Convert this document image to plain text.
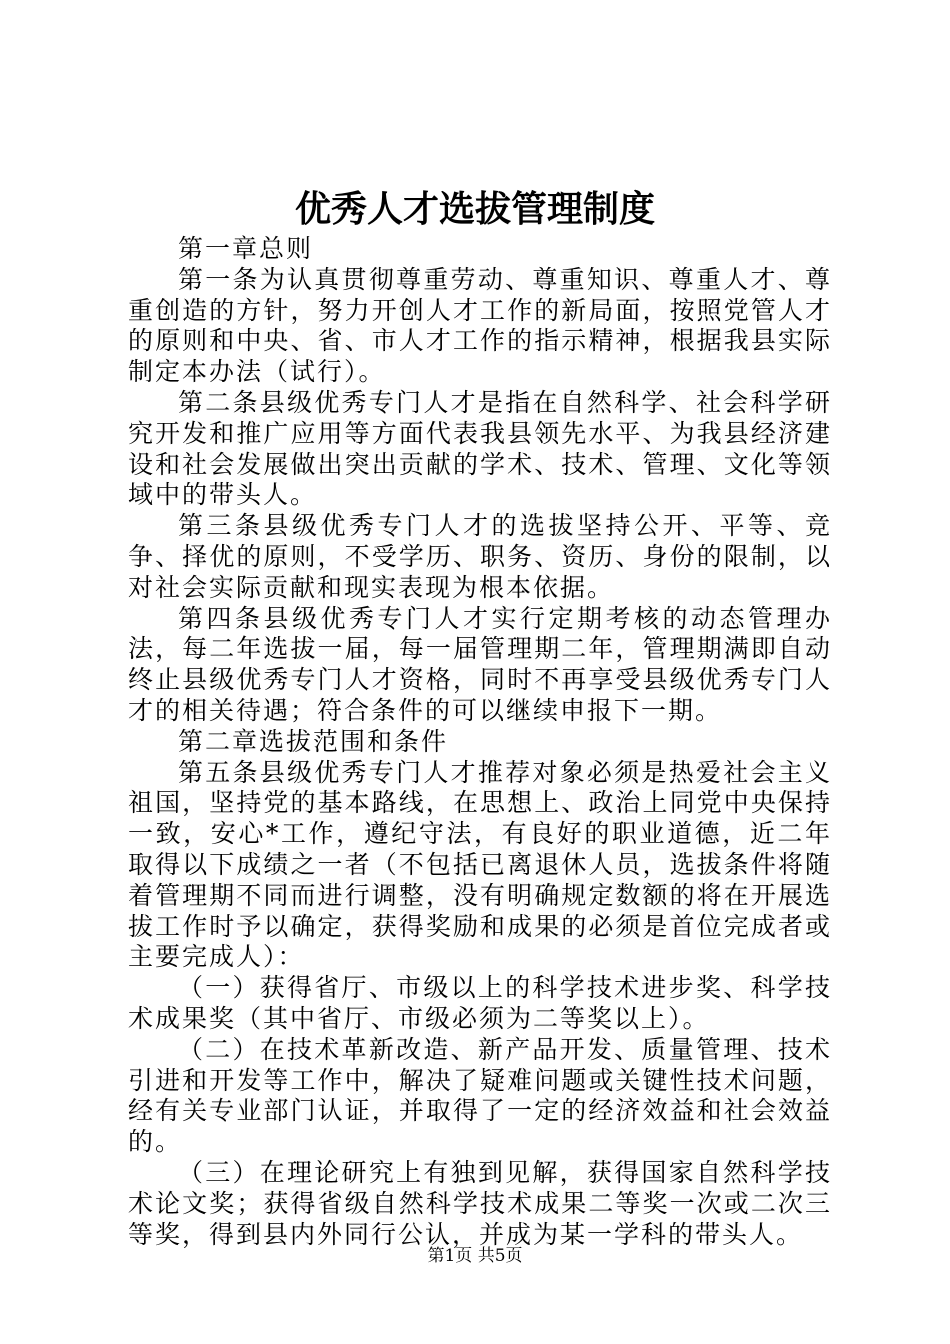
优秀人才选拔管理制度

第一章总则

第一条为认真贯彻尊重劳动、尊重知识、尊重人才、尊重创造的方针，努力开创人才工作的新局面，按照党管人才的原则和中央、省、市人才工作的指示精神，根据我县实际制定本办法（试行）。

第二条县级优秀专门人才是指在自然科学、社会科学研究开发和推广应用等方面代表我县领先水平、为我县经济建设和社会发展做出突出贡献的学术、技术、管理、文化等领域中的带头人。

第三条县级优秀专门人才的选拔坚持公开、平等、竞争、择优的原则，不受学历、职务、资历、身份的限制，以对社会实际贡献和现实表现为根本依据。

第四条县级优秀专门人才实行定期考核的动态管理办法，每二年选拔一届，每一届管理期二年，管理期满即自动终止县级优秀专门人才资格，同时不再享受县级优秀专门人才的相关待遇；符合条件的可以继续申报下一期。

第二章选拔范围和条件

第五条县级优秀专门人才推荐对象必须是热爱社会主义祖国，坚持党的基本路线，在思想上、政治上同党中央保持一致，安心*工作，遵纪守法，有良好的职业道德，近二年取得以下成绩之一者（不包括已离退休人员，选拔条件将随着管理期不同而进行调整，没有明确规定数额的将在开展选拔工作时予以确定，获得奖励和成果的必须是首位完成者或主要完成人）：

（一）获得省厅、市级以上的科学技术进步奖、科学技术成果奖（其中省厅、市级必须为二等奖以上）。

（二）在技术革新改造、新产品开发、质量管理、技术引进和开发等工作中，解决了疑难问题或关键性技术问题，经有关专业部门认证，并取得了一定的经济效益和社会效益的。

（三）在理论研究上有独到见解，获得国家自然科学技术论文奖；获得省级自然科学技术成果二等奖一次或二次三等奖，得到县内外同行公认，并成为某一学科的带头人。

第1页 共5页
